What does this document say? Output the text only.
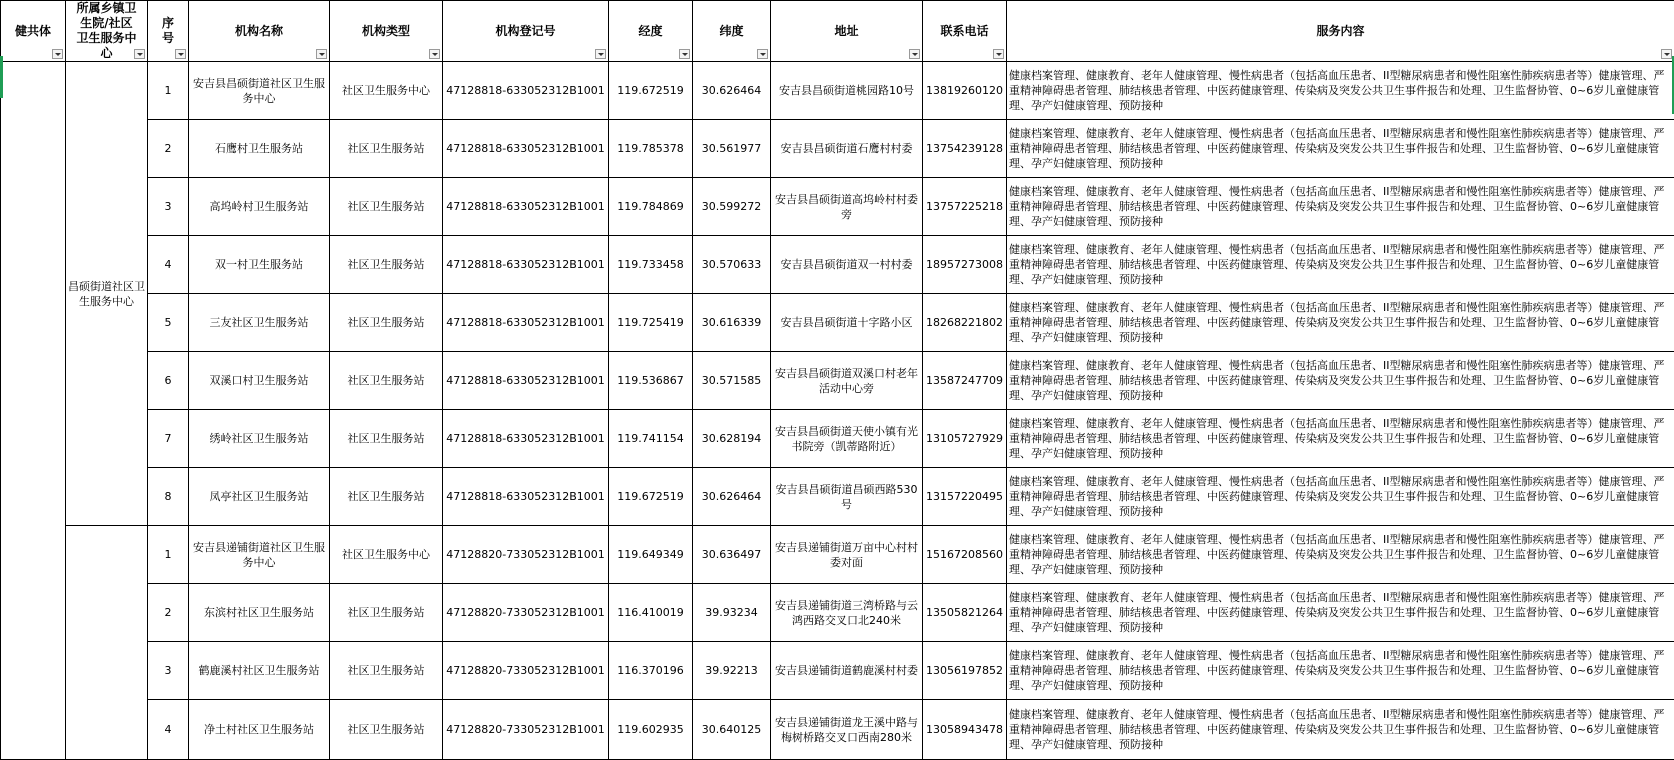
健共体	所属乡镇卫生院/社区卫生服务中心	序号	机构名称	机构类型	机构登记号	经度	纬度	地址	联系电话	服务内容

	昌硕街道社区卫生服务中心	1	安吉县昌硕街道社区卫生服务中心	社区卫生服务中心	47128818-633052312B1001	119.672519	30.626464	安吉县昌硕街道桃园路10号	13819260120	健康档案管理、健康教育、老年人健康管理、慢性病患者（包括高血压患者、II型糖尿病患者和慢性阻塞性肺疾病患者等）健康管理、严重精神障碍患者管理、肺结核患者管理、中医药健康管理、传染病及突发公共卫生事件报告和处理、卫生监督协管、0~6岁儿童健康管理、孕产妇健康管理、预防接种
		2	石鹰村卫生服务站	社区卫生服务站	47128818-633052312B1001	119.785378	30.561977	安吉县昌硕街道石鹰村村委	13754239128	健康档案管理、健康教育、老年人健康管理、慢性病患者（包括高血压患者、II型糖尿病患者和慢性阻塞性肺疾病患者等）健康管理、严重精神障碍患者管理、肺结核患者管理、中医药健康管理、传染病及突发公共卫生事件报告和处理、卫生监督协管、0~6岁儿童健康管理、孕产妇健康管理、预防接种
		3	高坞岭村卫生服务站	社区卫生服务站	47128818-633052312B1001	119.784869	30.599272	安吉县昌硕街道高坞岭村村委旁	13757225218	健康档案管理、健康教育、老年人健康管理、慢性病患者（包括高血压患者、II型糖尿病患者和慢性阻塞性肺疾病患者等）健康管理、严重精神障碍患者管理、肺结核患者管理、中医药健康管理、传染病及突发公共卫生事件报告和处理、卫生监督协管、0~6岁儿童健康管理、孕产妇健康管理、预防接种
		4	双一村卫生服务站	社区卫生服务站	47128818-633052312B1001	119.733458	30.570633	安吉县昌硕街道双一村村委	18957273008	健康档案管理、健康教育、老年人健康管理、慢性病患者（包括高血压患者、II型糖尿病患者和慢性阻塞性肺疾病患者等）健康管理、严重精神障碍患者管理、肺结核患者管理、中医药健康管理、传染病及突发公共卫生事件报告和处理、卫生监督协管、0~6岁儿童健康管理、孕产妇健康管理、预防接种
		5	三友社区卫生服务站	社区卫生服务站	47128818-633052312B1001	119.725419	30.616339	安吉县昌硕街道十字路小区	18268221802	健康档案管理、健康教育、老年人健康管理、慢性病患者（包括高血压患者、II型糖尿病患者和慢性阻塞性肺疾病患者等）健康管理、严重精神障碍患者管理、肺结核患者管理、中医药健康管理、传染病及突发公共卫生事件报告和处理、卫生监督协管、0~6岁儿童健康管理、孕产妇健康管理、预防接种
		6	双溪口村卫生服务站	社区卫生服务站	47128818-633052312B1001	119.536867	30.571585	安吉县昌硕街道双溪口村老年活动中心旁	13587247709	健康档案管理、健康教育、老年人健康管理、慢性病患者（包括高血压患者、II型糖尿病患者和慢性阻塞性肺疾病患者等）健康管理、严重精神障碍患者管理、肺结核患者管理、中医药健康管理、传染病及突发公共卫生事件报告和处理、卫生监督协管、0~6岁儿童健康管理、孕产妇健康管理、预防接种
		7	绣岭社区卫生服务站	社区卫生服务站	47128818-633052312B1001	119.741154	30.628194	安吉县昌硕街道天使小镇有光书院旁（凯蒂路附近）	13105727929	健康档案管理、健康教育、老年人健康管理、慢性病患者（包括高血压患者、II型糖尿病患者和慢性阻塞性肺疾病患者等）健康管理、严重精神障碍患者管理、肺结核患者管理、中医药健康管理、传染病及突发公共卫生事件报告和处理、卫生监督协管、0~6岁儿童健康管理、孕产妇健康管理、预防接种
		8	凤亭社区卫生服务站	社区卫生服务站	47128818-633052312B1001	119.672519	30.626464	安吉县昌硕街道昌硕西路530号	13157220495	健康档案管理、健康教育、老年人健康管理、慢性病患者（包括高血压患者、II型糖尿病患者和慢性阻塞性肺疾病患者等）健康管理、严重精神障碍患者管理、肺结核患者管理、中医药健康管理、传染病及突发公共卫生事件报告和处理、卫生监督协管、0~6岁儿童健康管理、孕产妇健康管理、预防接种
		1	安吉县递铺街道社区卫生服务中心	社区卫生服务中心	47128820-733052312B1001	119.649349	30.636497	安吉县递铺街道万亩中心村村委对面	15167208560	健康档案管理、健康教育、老年人健康管理、慢性病患者（包括高血压患者、II型糖尿病患者和慢性阻塞性肺疾病患者等）健康管理、严重精神障碍患者管理、肺结核患者管理、中医药健康管理、传染病及突发公共卫生事件报告和处理、卫生监督协管、0~6岁儿童健康管理、孕产妇健康管理、预防接种
		2	东滨村社区卫生服务站	社区卫生服务站	47128820-733052312B1001	116.410019	39.93234	安吉县递铺街道三湾桥路与云鸿西路交叉口北240米	13505821264	健康档案管理、健康教育、老年人健康管理、慢性病患者（包括高血压患者、II型糖尿病患者和慢性阻塞性肺疾病患者等）健康管理、严重精神障碍患者管理、肺结核患者管理、中医药健康管理、传染病及突发公共卫生事件报告和处理、卫生监督协管、0~6岁儿童健康管理、孕产妇健康管理、预防接种
		3	鹤鹿溪村社区卫生服务站	社区卫生服务站	47128820-733052312B1001	116.370196	39.92213	安吉县递铺街道鹤鹿溪村村委	13056197852	健康档案管理、健康教育、老年人健康管理、慢性病患者（包括高血压患者、II型糖尿病患者和慢性阻塞性肺疾病患者等）健康管理、严重精神障碍患者管理、肺结核患者管理、中医药健康管理、传染病及突发公共卫生事件报告和处理、卫生监督协管、0~6岁儿童健康管理、孕产妇健康管理、预防接种
		4	净土村社区卫生服务站	社区卫生服务站	47128820-733052312B1001	119.602935	30.640125	安吉县递铺街道龙王溪中路与梅树桥路交叉口西南280米	13058943478	健康档案管理、健康教育、老年人健康管理、慢性病患者（包括高血压患者、II型糖尿病患者和慢性阻塞性肺疾病患者等）健康管理、严重精神障碍患者管理、肺结核患者管理、中医药健康管理、传染病及突发公共卫生事件报告和处理、卫生监督协管、0~6岁儿童健康管理、孕产妇健康管理、预防接种
